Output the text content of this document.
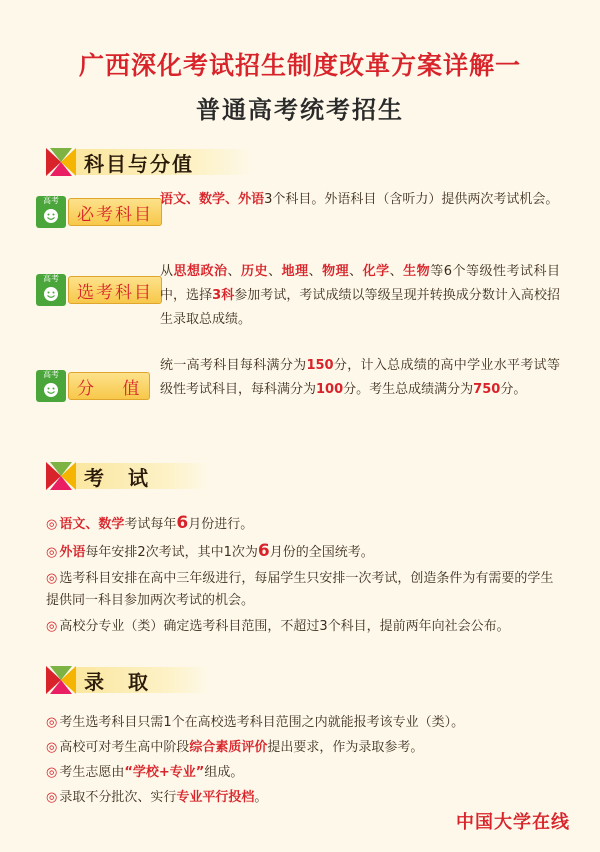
广西深化考试招生制度改革方案详解一
普通高考统考招生
科目与分值
高考
必考科目
语文、数学、外语3个科目。外语科目（含听力）提供两次考试机会。
高考
选考科目
从思想政治、历史、地理、物理、化学、生物等6个等级性考试科目中，选择3科参加考试，考试成绩以等级呈现并转换成分数计入高校招生录取总成绩。
高考
分　 值
统一高考科目每科满分为150分，计入总成绩的高中学业水平考试等级性考试科目，每科满分为100分。考生总成绩满分为750分。
考　试
◎ 语文、数学考试每年6月份进行。
◎ 外语每年安排2次考试，其中1次为6月份的全国统考。
◎ 选考科目安排在高中三年级进行，每届学生只安排一次考试，创造条件为有需要的学生提供同一科目参加两次考试的机会。
◎ 高校分专业（类）确定选考科目范围，不超过3个科目，提前两年向社会公布。
录　取
◎ 考生选考科目只需1个在高校选考科目范围之内就能报考该专业（类）。
◎ 高校可对考生高中阶段综合素质评价提出要求，作为录取参考。
◎ 考生志愿由“学校+专业”组成。
◎ 录取不分批次、实行专业平行投档。
中国大学在线
